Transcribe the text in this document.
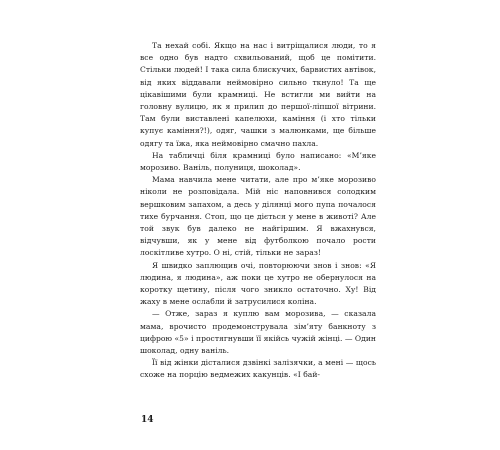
Та нехай собі. Якщо на нас і витріщалися люди, то я все одно був надто схвильований, щоб це помітити. Стільки людей! І така сила блискучих, барвистих автівок, від яких віддавали неймовірно сильно ткнуло! Та ще цікавішими були крамниці. Не встигли ми вийти на головну вулицю, як я прилип до першої-ліпшої вітрини. Там були виставлені капелюхи, каміння (і хто тільки купує каміння?!), одяг, чашки з малюнками, ще більше одягу та їжа, яка неймовірно смачно пахла.

На табличці біля крамниці було написано: «М’яке морозиво. Ваніль, полуниця, шоколад».

Мама навчила мене читати, але про м’яке морозиво ніколи не розповідала. Мій ніс наповнився солодким вершковим запахом, а десь у ділянці мого пупа почалося тихе бурчання. Стоп, що це діється у мене в животі? Але той звук був далеко не найгіршим. Я вжахнувся, відчувши, як у мене від футболкою почало рости лоскітливе хутро. О ні, стій, тільки не зараз!

Я швидко заплющив очі, повторюючи знов і знов: «Я людина, я людина», аж поки це хутро не обернулося на коротку щетину, після чого зникло остаточно. Ху! Від жаху в мене ослабли й затрусилися коліна.

— Отже, зараз я куплю вам морозива, — сказала мама, врочисто продемонструвала зім’яту банкноту з цифрою «5» і простягнувши її якійсь чужій жінці. — Один шоколад, одну ваніль.

Її від жінки дісталися дзвінкі залізячки, а мені — щось схоже на порцію ведмежих какунців. «І бай-

14
